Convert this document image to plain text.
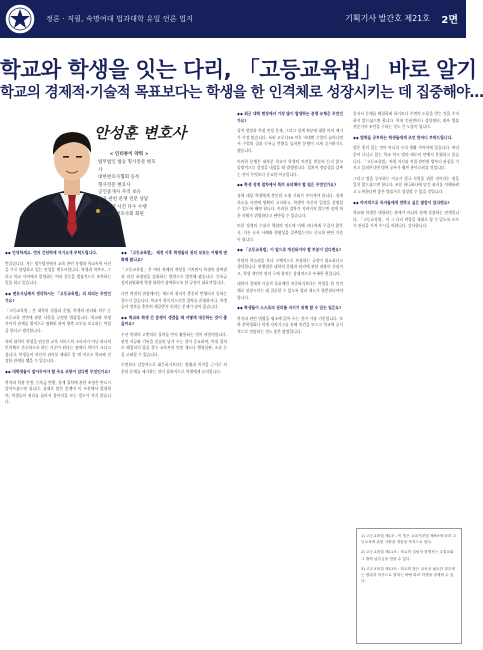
정론 · 직필, 숙명여대 법과대학 유일 언론 법지	기획기사 발간호 제21호 2면
학교와 학생을 잇는 다리, 「고등교육법」 바로 알기
학교의 경제적·기술적 목표보다는 학생을 한 인격체로 성장시키는 데 집중해야…
안성훈 변호사
< 인터뷰이 약력 >
법무법인 법승 형사전문 변호사
대한변호사협회 등록
형사전문 변호사
공인중개사 자격 보유
교육 관련 분쟁 전문 상담
학교폭력 사건 다수 수행
서울지방변호사회 회원

◆◆ 안녕하세요. 먼저 간단하게 자기소개 부탁드립니다.

반갑습니다. 저는 법무법인에서 교육 관련 분쟁과 학교폭력 사건을 주로 담당하고 있는 안성훈 변호사입니다. 학생과 학부모, 그리고 학교 사이에서 발생하는 여러 갈등을 법률적으로 조력하는 일을 하고 있습니다.

◆◆ 변호사님께서 생각하시는 「고등교육법」의 의의는 무엇인가요?

「고등교육법」은 대학의 설립과 운영, 학생의 권리와 의무 등 고등교육 전반에 관한 사항을 규정한 법률입니다. 학교와 학생 사이의 관계를 법적으로 명확히 하여 양측 모두를 보호하는 역할을 한다고 생각합니다.

특히 대학이 학생을 단순한 교육 서비스의 소비자가 아닌 하나의 인격체로 존중하도록 하는 기준이 된다는 점에서 의미가 크다고 봅니다. 학생들이 자신의 권리를 제대로 알 때 비로소 학교와 건강한 관계를 맺을 수 있습니다.

◆◆ 대학생들이 알아두어야 할 주요 조항이 있다면 무엇인가요?

학적과 학점 인정, 등록금 반환, 징계 절차에 관한 조항은 반드시 알아두셨으면 합니다. 실제로 많은 분쟁이 이 부분에서 발생하며, 학생들이 권리를 몰라서 불이익을 보는 경우가 적지 않습니다.

◆◆ 「고등교육법」 제정 이후 학생들의 권리 보호는 어떻게 변화해 왔나요?

「고등교육법」은 여러 차례의 개정을 거치면서 학생의 참여권과 의견 표명권을 강화하는 방향으로 발전해 왔습니다. 등록금 심의위원회에 학생 위원이 참여하도록 한 규정이 대표적입니다.

다만 여전히 현장에서는 제도의 취지가 충분히 반영되지 못하는 경우가 있습니다. 학교가 형식적으로만 절차를 운영하거나, 학생들이 정보를 충분히 제공받지 못하는 문제가 남아 있습니다.

◆◆ 학교와 학생 간 분쟁이 생겼을 때 어떻게 대응하는 것이 좋을까요?

우선 학내의 고충처리 절차를 먼저 활용하는 것이 바람직합니다. 관련 서류와 기록을 꼼꼼히 남겨 두는 것이 중요하며, 학내 절차로 해결되지 않을 경우 교육부의 민원 제도나 행정심판, 소송 등을 고려할 수 있습니다.

무엇보다 감정적으로 대응하기보다는 법령과 학칙을 근거로 차분히 문제를 제기하는 것이 결과적으로 학생에게 유리합니다.

◆◆ 최근 대학 현장에서 가장 많이 발생하는 분쟁 유형은 무엇인가요?

성적 정정과 학점 인정 문제, 그리고 징계 처분에 대한 이의 제기가 가장 많습니다. 특히 코로나19 이후 비대면 수업이 늘어나면서 수업의 질과 등록금 반환을 둘러싼 분쟁이 크게 증가하기도 했습니다.

이러한 분쟁은 대부분 학교가 학생의 의견을 충분히 듣지 않고 일방적으로 결정을 내렸을 때 발생합니다. 절차적 정당성을 갖추는 것이 무엇보다 중요한 이유입니다.

◆◆ 학생 징계 절차에서 특히 유의해야 할 점은 무엇인가요?

징계 대상 학생에게 충분한 소명 기회가 주어져야 합니다. 징계 사유를 사전에 명확히 고지하고, 학생이 자신의 입장을 설명할 수 있도록 해야 합니다. 이러한 절차가 지켜지지 않으면 징계 처분 자체가 위법하다고 판단될 수 있습니다.

또한 징계의 수위가 행위의 정도에 비해 지나치게 무겁지 않은지, 다른 유사 사례와 형평성을 갖추었는지도 중요한 판단 기준이 됩니다.

◆◆ 「고등교육법」이 앞으로 개선되어야 할 부분이 있다면요?

학생의 학습권을 보다 구체적으로 보장하는 규정이 필요하다고 생각합니다. 현행법은 대학의 운영과 관리에 관한 내용이 중심이고, 학생 개인의 권리 구제 절차는 상대적으로 부족한 편입니다.

대학이 경제적·기술적 목표에만 치중하기보다는 학생을 한 인격체로 성장시키는 데 집중할 수 있도록 법과 제도가 뒷받침되어야 합니다.

◆◆ 학생들이 스스로의 권리를 지키기 위해 할 수 있는 일은요?

학칙과 관련 법령을 평소에 읽어 두는 것이 가장 기본입니다. 또한 총학생회나 학생 자치기구를 통해 의견을 모으고 학교에 공식적으로 전달하는 것도 좋은 방법입니다.

혼자서 문제를 해결하려 하기보다 주변의 도움을 받는 것을 주저하지 않으셨으면 합니다. 학내 인권센터나 상담센터, 외부 법률 전문가의 조언을 구하는 것도 큰 도움이 됩니다.

◆◆ 법학을 공부하는 학생들에게 조언 한마디 부탁드립니다.

법은 멀리 있는 것이 아니라 우리 생활 가까이에 있습니다. 여러분이 다니고 있는 학교 역시 법의 테두리 안에서 운영되고 있습니다. 「고등교육법」처럼 자신과 직접 관련된 법부터 관심을 가지고 살펴본다면 법학 공부가 훨씬 흥미로워질 것입니다.

그리고 법을 공부하는 이유가 결국 사람을 위한 것이라는 점을 잊지 않으셨으면 합니다. 조문 하나하나에 담긴 취지를 이해하려고 노력한다면 좋은 법률가로 성장할 수 있을 것입니다.

◆◆ 마지막으로 독자들에게 전하고 싶은 말씀이 있다면요?

학교와 학생은 대립하는 관계가 아니라 함께 성장하는 관계입니다. 「고등교육법」이 그 다리 역할을 제대로 할 수 있도록 모두가 관심을 가져 주시길 바랍니다. 감사합니다.

1) 고등교육법 제1조 : 이 법은 교육기본법 제9조에 따라 고등교육에 관한 사항을 정함을 목적으로 한다.

2) 고등교육법 제11조 : 학교의 설립자·경영자는 수업료와 그 밖의 납부금을 받을 수 있다.

3) 고등교육법 제13조 : 학교의 장은 교육상 필요한 경우에는 법령과 학칙으로 정하는 바에 따라 학생을 징계할 수 있다.
